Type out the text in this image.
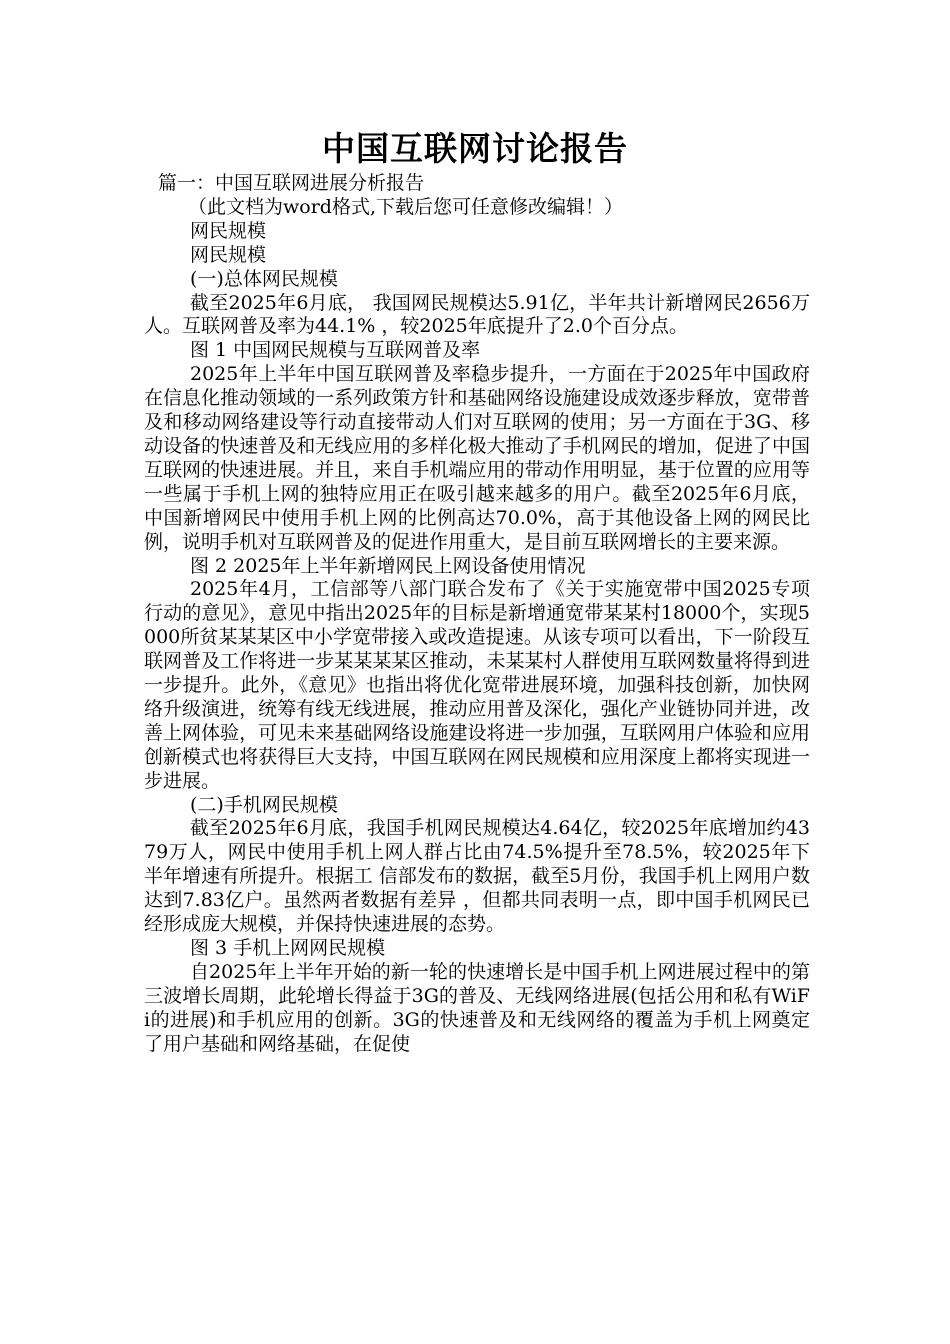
中国互联网讨论报告

篇一：中国互联网进展分析报告

（此文档为word格式,下载后您可任意修改编辑！）

网民规模

网民规模

(一)总体网民规模

截至2025年6月底， 我国网民规模达5.91亿，半年共计新增网民2656万人。互联网普及率为44.1% ，较2025年底提升了2.0个百分点。

图 1 中国网民规模与互联网普及率

2025年上半年中国互联网普及率稳步提升，一方面在于2025年中国政府在信息化推动领域的一系列政策方针和基础网络设施建设成效逐步释放，宽带普及和移动网络建设等行动直接带动人们对互联网的使用；另一方面在于3G、移动设备的快速普及和无线应用的多样化极大推动了手机网民的增加，促进了中国互联网的快速进展。并且，来自手机端应用的带动作用明显，基于位置的应用等一些属于手机上网的独特应用正在吸引越来越多的用户。截至2025年6月底，中国新增网民中使用手机上网的比例高达70.0%，高于其他设备上网的网民比例，说明手机对互联网普及的促进作用重大，是目前互联网增长的主要来源。

图 2 2025年上半年新增网民上网设备使用情况

2025年4月，工信部等八部门联合发布了《关于实施宽带中国2025专项行动的意见》，意见中指出2025年的目标是新增通宽带某某村18000个，实现5000所贫某某某区中小学宽带接入或改造提速。从该专项可以看出，下一阶段互联网普及工作将进一步某某某某区推动，未某某村人群使用互联网数量将得到进一步提升。此外，《意见》也指出将优化宽带进展环境，加强科技创新，加快网络升级演进，统筹有线无线进展，推动应用普及深化，强化产业链协同并进，改善上网体验，可见未来基础网络设施建设将进一步加强，互联网用户体验和应用创新模式也将获得巨大支持，中国互联网在网民规模和应用深度上都将实现进一步进展。

(二)手机网民规模

截至2025年6月底，我国手机网民规模达4.64亿，较2025年底增加约4379万人，网民中使用手机上网人群占比由74.5%提升至78.5%，较2025年下半年增速有所提升。根据工 信部发布的数据，截至5月份，我国手机上网用户数达到7.83亿户。虽然两者数据有差异 ，但都共同表明一点，即中国手机网民已经形成庞大规模，并保持快速进展的态势。

图 3 手机上网网民规模

自2025年上半年开始的新一轮的快速增长是中国手机上网进展过程中的第三波增长周期，此轮增长得益于3G的普及、无线网络进展(包括公用和私有WiFi的进展)和手机应用的创新。3G的快速普及和无线网络的覆盖为手机上网奠定了用户基础和网络基础，在促使
